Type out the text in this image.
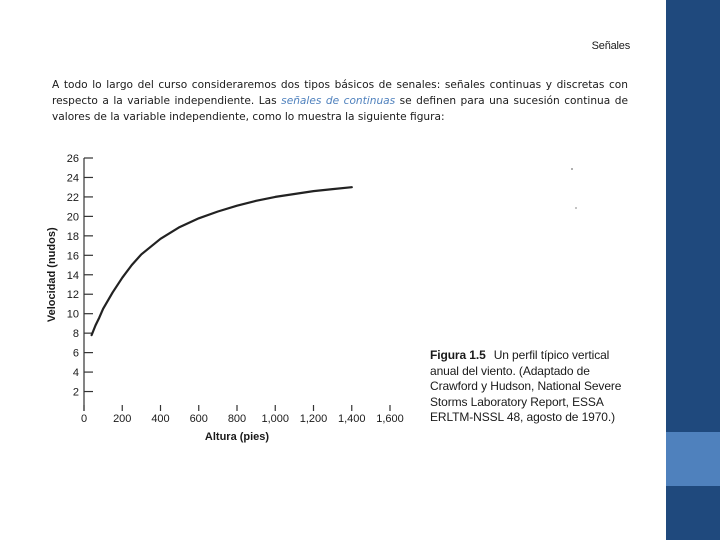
Señales
A todo lo largo del curso consideraremos dos tipos básicos de senales: señales continuas y discretas con respecto a la variable independiente. Las señales de continuas se definen para una sucesión continua de valores de la variable independiente, como lo muestra la siguiente figura:
2
4
6
8
10
12
14
16
18
20
22
24
26
0 200 400 600 800 1,000 1,200 1,400 1,600
Altura (pies)
Velocidad (nudos)
Figura 1.5 Un perfil típico vertical anual del viento. (Adaptado de Crawford y Hudson, National Severe Storms Laboratory Report, ESSA ERLTM-NSSL 48, agosto de 1970.)
